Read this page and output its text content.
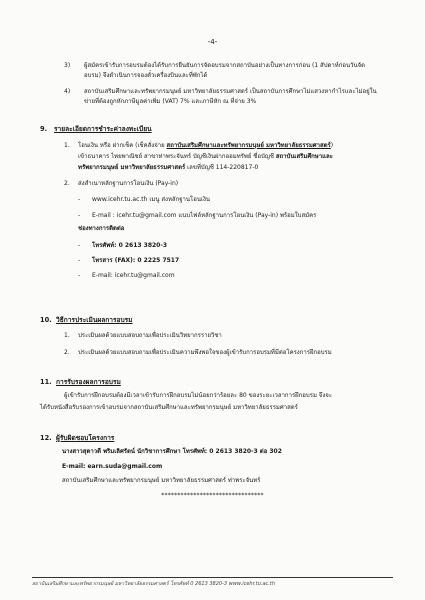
-4-
3) ผู้สมัครเข้ารับการอบรมต้องได้รับการยืนยันการจัดอบรมจากสถาบันอย่างเป็นทางการก่อน (1 สัปดาห์ก่อนวันจัด
อบรม) จึงดำเนินการจองตั๋วเครื่องบินและที่พักได้
4) สถาบันเสริมศึกษาและทรัพยากรมนุษย์ มหาวิทยาลัยธรรมศาสตร์ เป็นสถาบันการศึกษาไม่แสวงหากำไรและไม่อยู่ใน
ข่ายที่ต้องถูกหักภาษีมูลค่าเพิ่ม (VAT) 7% และภาษีหัก ณ ที่จ่าย 3%
9. รายละเอียดการชำระค่าลงทะเบียน
1. โอนเงิน หรือ ฝากเช็ค (เช็คสั่งจ่าย สถาบันเสริมศึกษาและทรัพยากรมนุษย์ มหาวิทยาลัยธรรมศาสตร์)
เข้าธนาคาร ไทยพาณิชย์ สาขาท่าพระจันทร์ บัญชีเงินฝากออมทรัพย์ ชื่อบัญชี สถาบันเสริมศึกษาและ
ทรัพยากรมนุษย์ มหาวิทยาลัยธรรมศาสตร์ เลขที่บัญชี 114-220817-0
2. ส่งสำเนาหลักฐานการโอนเงิน (Pay-in)
- www.icehr.tu.ac.th เมนู ส่งหลักฐานโอนเงิน
- E-mail : icehr.tu@gmail.com แนบไฟล์หลักฐานการโอนเงิน (Pay-in) พร้อมใบสมัคร
ช่องทางการติดต่อ
- โทรศัพท์: 0 2613 3820-3
- โทรสาร (FAX): 0 2225 7517
- E-mail: icehr.tu@gmail.com
10. วิธีการประเมินผลการอบรม
1. ประเมินผลด้วยแบบสอบถามเพื่อประเมินวิทยากรรายวิชา
2. ประเมินผลด้วยแบบสอบถามเพื่อประเมินความพึงพอใจของผู้เข้ารับการอบรมที่มีต่อโครงการฝึกอบรม
11. การรับรองผลการอบรม
ผู้เข้ารับการฝึกอบรมต้องมีเวลาเข้ารับการฝึกอบรมไม่น้อยกว่าร้อยละ 80 ของระยะเวลาการฝึกอบรม จึงจะ
ได้รับหนังสือรับรองการเข้าอบรมจากสถาบันเสริมศึกษาและทรัพยากรมนุษย์ มหาวิทยาลัยธรรมศาสตร์
12. ผู้รับผิดชอบโครงการ
นางสาวสุดาวดี พริมเลิศรัตน์ นักวิชาการศึกษา โทรศัพท์: 0 2613 3820-3 ต่อ 302
E-mail: earn.suda@gmail.com
สถาบันเสริมศึกษาและทรัพยากรมนุษย์ มหาวิทยาลัยธรรมศาสตร์ ท่าพระจันทร์
********************************
สถาบันเสริมศึกษาและทรัพยากรมนุษย์ มหาวิทยาลัยธรรมศาสตร์ โทรศัพท์ 0 2613 3820-3 www.icehr.tu.ac.th
